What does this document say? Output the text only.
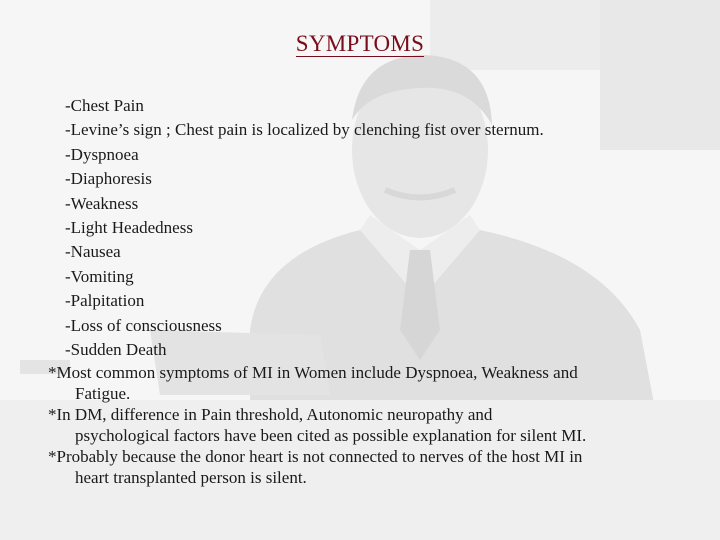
SYMPTOMS
-Chest Pain
-Levine’s sign ; Chest pain is localized by clenching fist over sternum.
-Dyspnoea
-Diaphoresis
-Weakness
-Light Headedness
-Nausea
-Vomiting
-Palpitation
-Loss of consciousness
-Sudden Death
*Most common symptoms of MI in Women include Dyspnoea, Weakness and
Fatigue.
*In DM, difference in Pain threshold, Autonomic neuropathy and
psychological factors have been cited as possible explanation for silent MI.
*Probably because the donor heart is not connected to nerves of the host MI in
heart transplanted person is silent.
